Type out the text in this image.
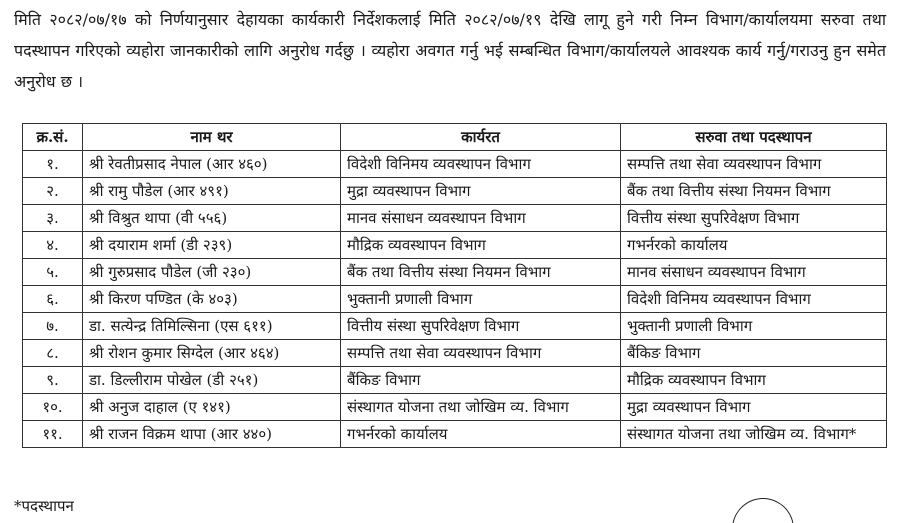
मिति २०८२/०७/१७ को निर्णयानुसार देहायका कार्यकारी निर्देशकलाई मिति २०८२/०७/१९ देखि लागू हुने गरी निम्न विभाग/कार्यालयमा सरुवा तथा पदस्थापन गरिएको व्यहोरा जानकारीको लागि अनुरोध गर्दछु । व्यहोरा अवगत गर्नु भई सम्बन्धित विभाग/कार्यालयले आवश्यक कार्य गर्नु/गराउनु हुन समेत अनुरोध छ ।
क्र.सं.	नाम थर	कार्यरत	सरुवा तथा पदस्थापन
१.	श्री रेवतीप्रसाद नेपाल (आर ४६०)	विदेशी विनिमय व्यवस्थापन विभाग	सम्पत्ति तथा सेवा व्यवस्थापन विभाग
२.	श्री रामु पौडेल (आर ४९१)	मुद्रा व्यवस्थापन विभाग	बैंक तथा वित्तीय संस्था नियमन विभाग
३.	श्री विश्रुत थापा (वी ५५६)	मानव संसाधन व्यवस्थापन विभाग	वित्तीय संस्था सुपरिवेक्षण विभाग
४.	श्री दयाराम शर्मा (डी २३९)	मौद्रिक व्यवस्थापन विभाग	गभर्नरको कार्यालय
५.	श्री गुरुप्रसाद पौडेल (जी २३०)	बैंक तथा वित्तीय संस्था नियमन विभाग	मानव संसाधन व्यवस्थापन विभाग
६.	श्री किरण पण्डित (के ४०३)	भुक्तानी प्रणाली विभाग	विदेशी विनिमय व्यवस्थापन विभाग
७.	डा. सत्येन्द्र तिमिल्सिना (एस ६११)	वित्तीय संस्था सुपरिवेक्षण विभाग	भुक्तानी प्रणाली विभाग
८.	श्री रोशन कुमार सिग्देल (आर ४६४)	सम्पत्ति तथा सेवा व्यवस्थापन विभाग	बैंकिङ विभाग
९.	डा. डिल्लीराम पोखेल (डी २५१)	बैंकिङ विभाग	मौद्रिक व्यवस्थापन विभाग
१०.	श्री अनुज दाहाल (ए १४१)	संस्थागत योजना तथा जोखिम व्य. विभाग	मुद्रा व्यवस्थापन विभाग
११.	श्री राजन विक्रम थापा (आर ४४०)	गभर्नरको कार्यालय	संस्थागत योजना तथा जोखिम व्य. विभाग*
*पदस्थापन
